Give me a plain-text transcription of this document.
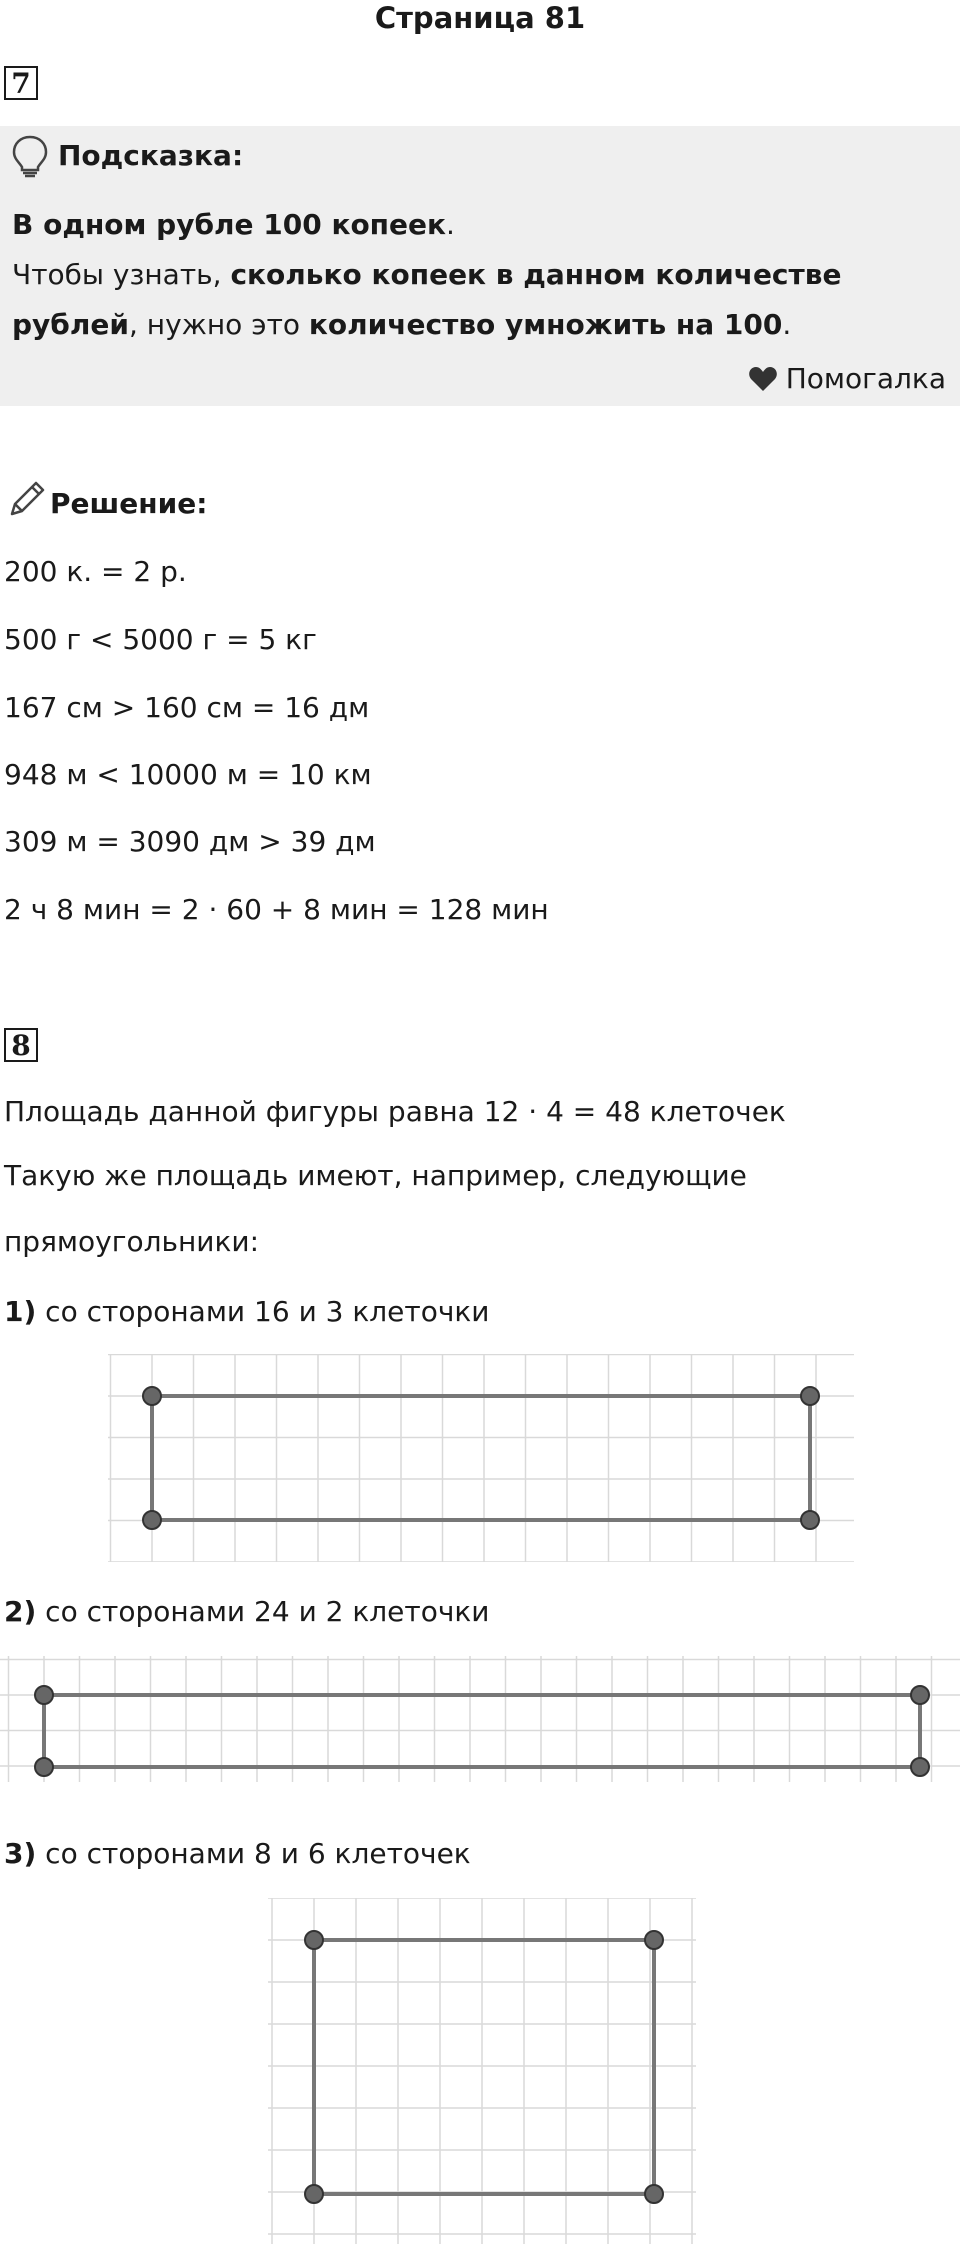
Страница 81
7
Подсказка:
В одном рубле 100 копеек.
Чтобы узнать, сколько копеек в данном количестве
рублей, нужно это количество умножить на 100.
Помогалка
Решение:
200 к. = 2 р.
500 г < 5000 г = 5 кг
167 см > 160 см = 16 дм
948 м < 10000 м = 10 км
309 м = 3090 дм > 39 дм
2 ч 8 мин = 2 · 60 + 8 мин = 128 мин
8
Площадь данной фигуры равна 12 · 4 = 48 клеточек
Такую же площадь имеют, например, следующие
прямоугольники:
1) со сторонами 16 и 3 клеточки
2) со сторонами 24 и 2 клеточки
3) со сторонами 8 и 6 клеточек
